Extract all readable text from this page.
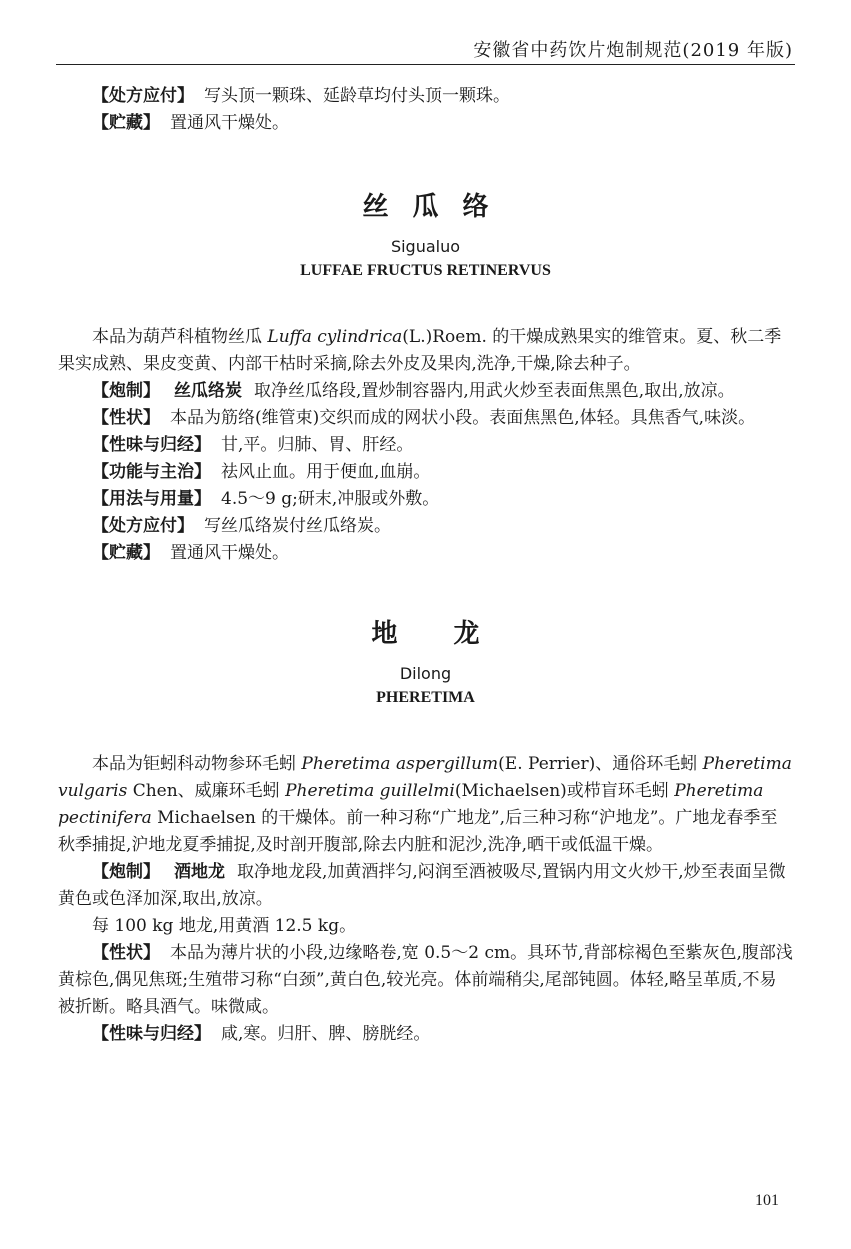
安徽省中药饮片炮制规范(2019 年版)

【处方应付】 写头顶一颗珠、延龄草均付头顶一颗珠。

【贮藏】 置通风干燥处。

丝瓜络
Sigualuo
LUFFAE FRUCTUS RETINERVUS

本品为葫芦科植物丝瓜 Luffa cylindrica(L.)Roem. 的干燥成熟果实的维管束。夏、秋二季果实成熟、果皮变黄、内部干枯时采摘,除去外皮及果肉,洗净,干燥,除去种子。

【炮制】 丝瓜络炭 取净丝瓜络段,置炒制容器内,用武火炒至表面焦黑色,取出,放凉。

【性状】 本品为筋络(维管束)交织而成的网状小段。表面焦黑色,体轻。具焦香气,味淡。

【性味与归经】 甘,平。归肺、胃、肝经。

【功能与主治】 祛风止血。用于便血,血崩。

【用法与用量】 4.5～9 g;研末,冲服或外敷。

【处方应付】 写丝瓜络炭付丝瓜络炭。

【贮藏】 置通风干燥处。

地龙
Dilong
PHERETIMA

本品为钜蚓科动物参环毛蚓 Pheretima aspergillum(E. Perrier)、通俗环毛蚓 Pheretima vulgaris Chen、威廉环毛蚓 Pheretima guillelmi(Michaelsen)或栉盲环毛蚓 Pheretima pectinifera Michaelsen 的干燥体。前一种习称“广地龙”,后三种习称“沪地龙”。广地龙春季至秋季捕捉,沪地龙夏季捕捉,及时剖开腹部,除去内脏和泥沙,洗净,晒干或低温干燥。

【炮制】 酒地龙 取净地龙段,加黄酒拌匀,闷润至酒被吸尽,置锅内用文火炒干,炒至表面呈微黄色或色泽加深,取出,放凉。

每 100 kg 地龙,用黄酒 12.5 kg。

【性状】 本品为薄片状的小段,边缘略卷,宽 0.5～2 cm。具环节,背部棕褐色至紫灰色,腹部浅黄棕色,偶见焦斑;生殖带习称“白颈”,黄白色,较光亮。体前端稍尖,尾部钝圆。体轻,略呈革质,不易被折断。略具酒气。味微咸。

【性味与归经】 咸,寒。归肝、脾、膀胱经。

101
